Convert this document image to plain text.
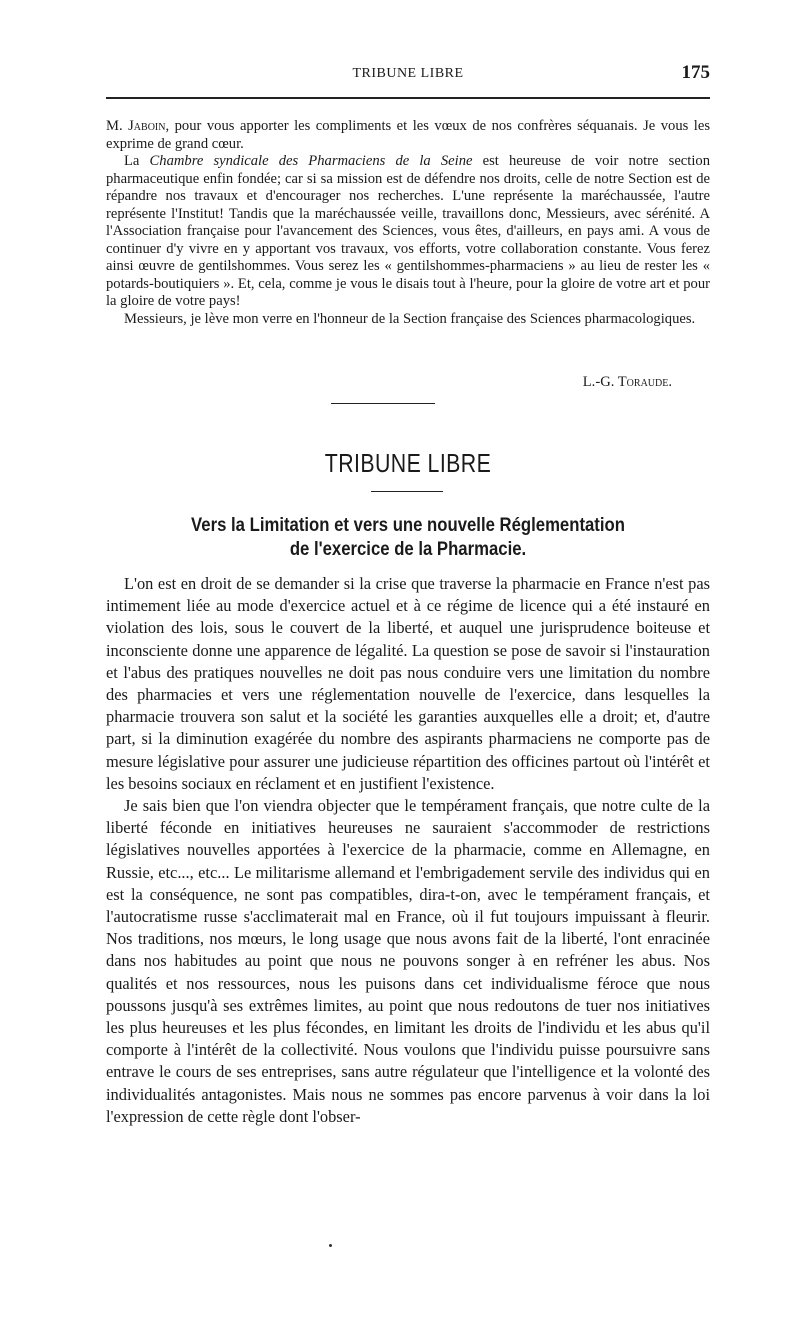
TRIBUNE LIBRE	175

M. Jaboin, pour vous apporter les compliments et les vœux de nos confrères séquanais. Je vous les exprime de grand cœur.

La Chambre syndicale des Pharmaciens de la Seine est heureuse de voir notre section pharmaceutique enfin fondée; car si sa mission est de défendre nos droits, celle de notre Section est de répandre nos travaux et d'encourager nos recherches. L'une représente la maréchaussée, l'autre représente l'Institut! Tandis que la maréchaussée veille, travaillons donc, Messieurs, avec sérénité. A l'Association française pour l'avancement des Sciences, vous êtes, d'ailleurs, en pays ami. A vous de continuer d'y vivre en y apportant vos travaux, vos efforts, votre collaboration constante. Vous ferez ainsi œuvre de gentilshommes. Vous serez les « gentilshommes-pharmaciens » au lieu de rester les « potards-boutiquiers ». Et, cela, comme je vous le disais tout à l'heure, pour la gloire de votre art et pour la gloire de votre pays!

Messieurs, je lève mon verre en l'honneur de la Section française des Sciences pharmacologiques.

L.-G. Toraude.
TRIBUNE LIBRE
Vers la Limitation et vers une nouvelle Réglementation
de l'exercice de la Pharmacie.

L'on est en droit de se demander si la crise que traverse la pharmacie en France n'est pas intimement liée au mode d'exercice actuel et à ce régime de licence qui a été instauré en violation des lois, sous le couvert de la liberté, et auquel une jurisprudence boiteuse et inconsciente donne une apparence de légalité. La question se pose de savoir si l'instauration et l'abus des pratiques nouvelles ne doit pas nous conduire vers une limitation du nombre des pharmacies et vers une réglementation nouvelle de l'exercice, dans lesquelles la pharmacie trouvera son salut et la société les garanties auxquelles elle a droit; et, d'autre part, si la diminution exagérée du nombre des aspirants pharmaciens ne comporte pas de mesure législative pour assurer une judicieuse répartition des officines partout où l'intérêt et les besoins sociaux en réclament et en justifient l'existence.

Je sais bien que l'on viendra objecter que le tempérament français, que notre culte de la liberté féconde en initiatives heureuses ne sauraient s'accommoder de restrictions législatives nouvelles apportées à l'exercice de la pharmacie, comme en Allemagne, en Russie, etc..., etc... Le militarisme allemand et l'embrigadement servile des individus qui en est la conséquence, ne sont pas compatibles, dira-t-on, avec le tempérament français, et l'autocratisme russe s'acclimaterait mal en France, où il fut toujours impuissant à fleurir. Nos traditions, nos mœurs, le long usage que nous avons fait de la liberté, l'ont enracinée dans nos habitudes au point que nous ne pouvons songer à en refréner les abus. Nos qualités et nos ressources, nous les puisons dans cet individualisme féroce que nous poussons jusqu'à ses extrêmes limites, au point que nous redoutons de tuer nos initiatives les plus heureuses et les plus fécondes, en limitant les droits de l'individu et les abus qu'il comporte à l'intérêt de la collectivité. Nous voulons que l'individu puisse poursuivre sans entrave le cours de ses entreprises, sans autre régulateur que l'intelligence et la volonté des individualités antagonistes. Mais nous ne sommes pas encore parvenus à voir dans la loi l'expression de cette règle dont l'obser-
